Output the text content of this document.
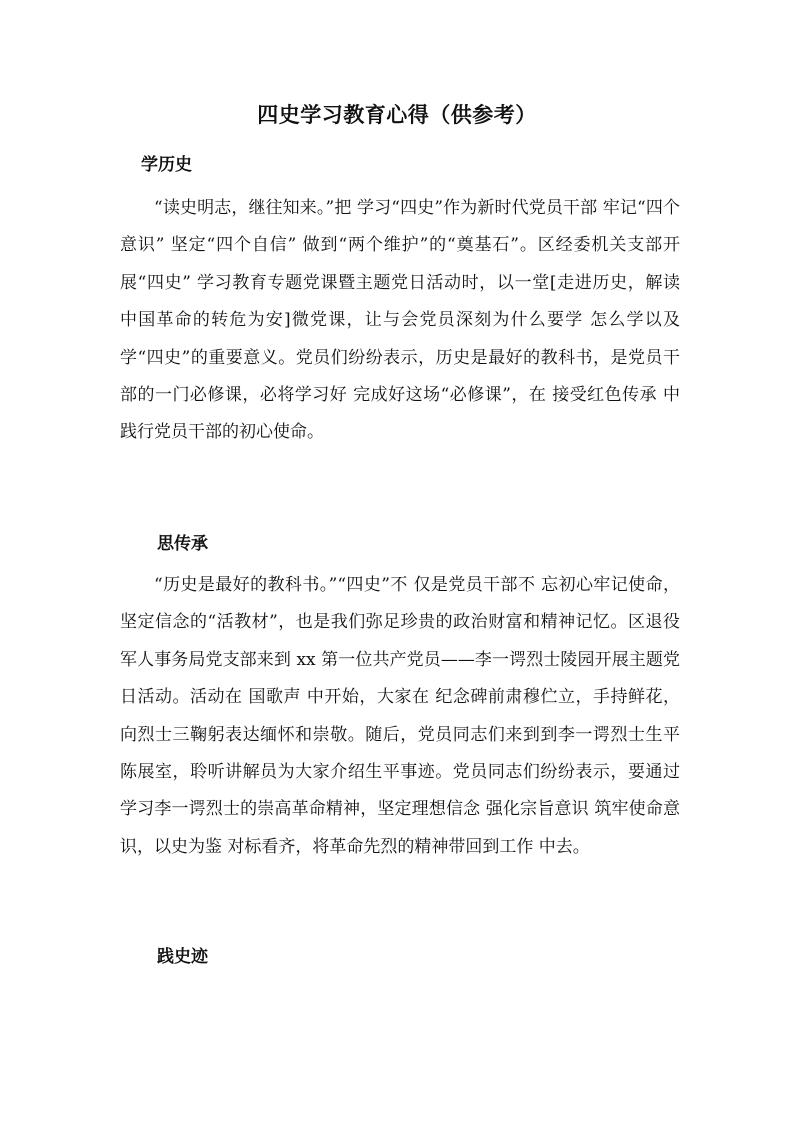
四史学习教育心得（供参考）
学历史

“读史明志，继往知来。”把 学习“四史”作为新时代党员干部 牢记“四个意识” 坚定“四个自信” 做到“两个维护”的“奠基石”。区经委机关支部开展“四史” 学习教育专题党课暨主题党日活动时，以一堂[走进历史，解读 中国革命的转危为安]微党课，让与会党员深刻为什么要学 怎么学以及学“四史”的重要意义。党员们纷纷表示，历史是最好的教科书，是党员干部的一门必修课，必将学习好 完成好这场“必修课”，在 接受红色传承 中践行党员干部的初心使命。

思传承

“历史是最好的教科书。”“四史”不 仅是党员干部不 忘初心牢记使命，坚定信念的“活教材”，也是我们弥足珍贵的政治财富和精神记忆。区退役军人事务局党支部来到 xx 第一位共产党员——李一谔烈士陵园开展主题党日活动。活动在 国歌声 中开始，大家在 纪念碑前肃穆伫立，手持鲜花，向烈士三鞠躬表达缅怀和崇敬。随后，党员同志们来到到李一谔烈士生平陈展室，聆听讲解员为大家介绍生平事迹。党员同志们纷纷表示，要通过 学习李一谔烈士的崇高革命精神，坚定理想信念 强化宗旨意识 筑牢使命意识，以史为鉴 对标看齐，将革命先烈的精神带回到工作 中去。

践史迹
